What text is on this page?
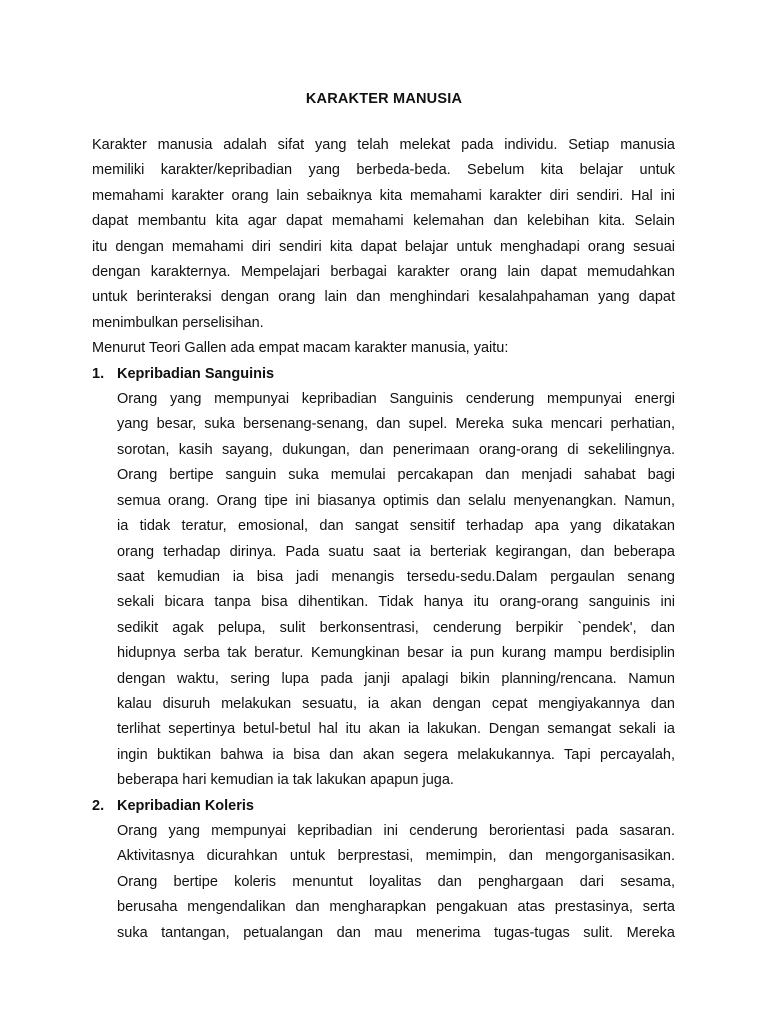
KARAKTER MANUSIA

Karakter manusia adalah sifat yang telah melekat pada individu. Setiap manusia

memiliki karakter/kepribadian yang berbeda-beda. Sebelum kita belajar untuk

memahami karakter orang lain sebaiknya kita memahami karakter diri sendiri. Hal ini

dapat membantu kita agar dapat memahami kelemahan dan kelebihan kita. Selain

itu dengan memahami diri sendiri kita dapat belajar untuk menghadapi orang sesuai

dengan karakternya. Mempelajari berbagai karakter orang lain dapat memudahkan

untuk berinteraksi dengan orang lain dan menghindari kesalahpahaman yang dapat

menimbulkan perselisihan.

Menurut Teori Gallen ada empat macam karakter manusia, yaitu:

1. Kepribadian Sanguinis

Orang yang mempunyai kepribadian Sanguinis cenderung mempunyai energi

yang besar, suka bersenang-senang, dan supel. Mereka suka mencari perhatian,

sorotan, kasih sayang, dukungan, dan penerimaan orang-orang di sekelilingnya.

Orang bertipe sanguin suka memulai percakapan dan menjadi sahabat bagi

semua orang. Orang tipe ini biasanya optimis dan selalu menyenangkan. Namun,

ia tidak teratur, emosional, dan sangat sensitif terhadap apa yang dikatakan

orang terhadap dirinya. Pada suatu saat ia berteriak kegirangan, dan beberapa

saat kemudian ia bisa jadi menangis tersedu-sedu.Dalam pergaulan senang

sekali bicara tanpa bisa dihentikan. Tidak hanya itu orang-orang sanguinis ini

sedikit agak pelupa, sulit berkonsentrasi, cenderung berpikir `pendek', dan

hidupnya serba tak beratur. Kemungkinan besar ia pun kurang mampu berdisiplin

dengan waktu, sering lupa pada janji apalagi bikin planning/rencana. Namun

kalau disuruh melakukan sesuatu, ia akan dengan cepat mengiyakannya dan

terlihat sepertinya betul-betul hal itu akan ia lakukan. Dengan semangat sekali ia

ingin buktikan bahwa ia bisa dan akan segera melakukannya. Tapi percayalah,

beberapa hari kemudian ia tak lakukan apapun juga.

2. Kepribadian Koleris

Orang yang mempunyai kepribadian ini cenderung berorientasi pada sasaran.

Aktivitasnya dicurahkan untuk berprestasi, memimpin, dan mengorganisasikan.

Orang bertipe koleris menuntut loyalitas dan penghargaan dari sesama,

berusaha mengendalikan dan mengharapkan pengakuan atas prestasinya, serta

suka tantangan, petualangan dan mau menerima tugas-tugas sulit. Mereka
